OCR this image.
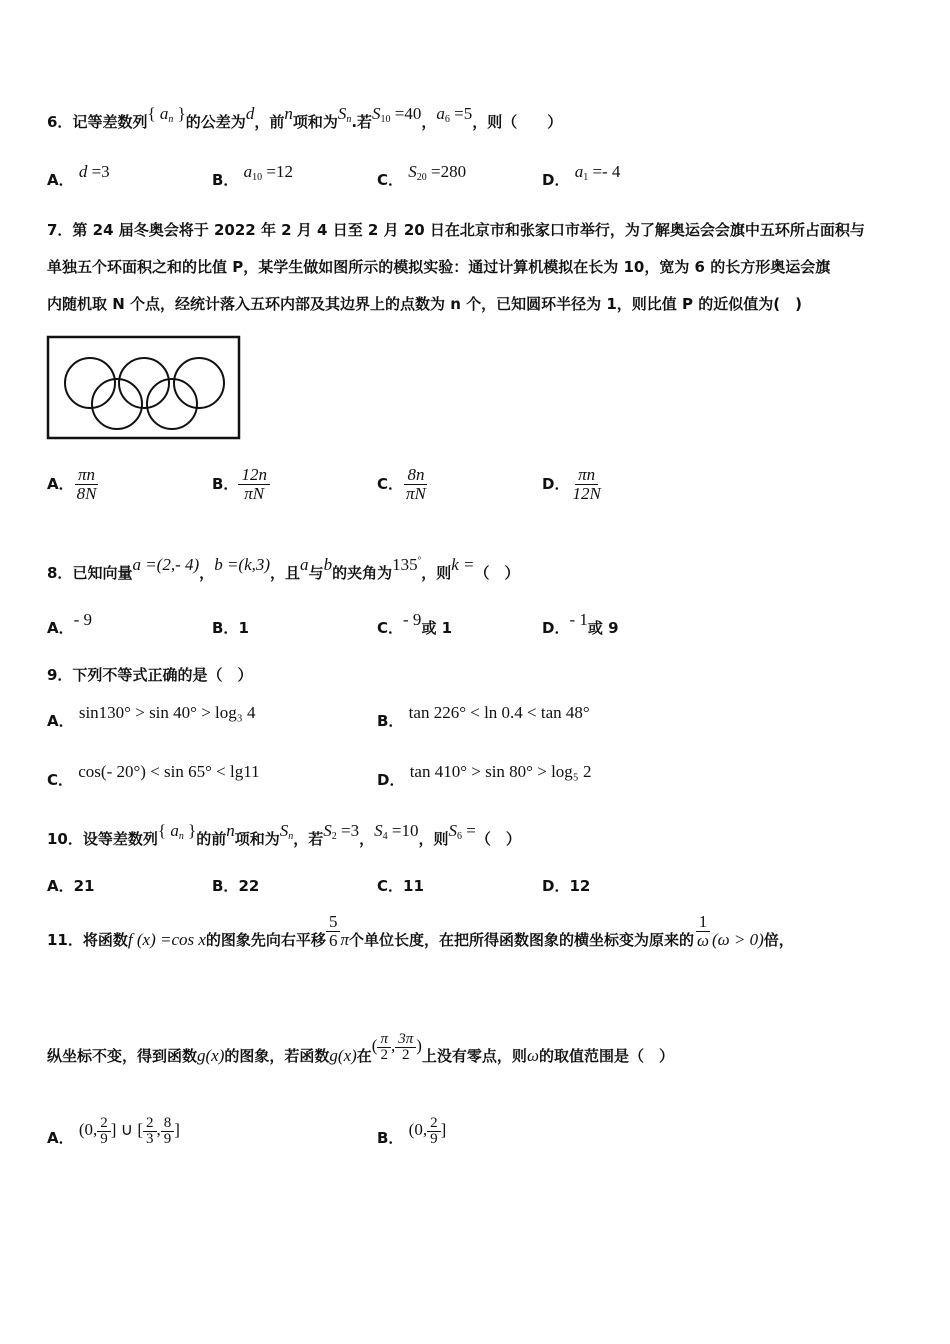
6．记等差数列{ $a_n$ }的公差为d，前n项和为$S_n$.若$S_{10} =40$，$a_6 =5$，则（　　）
A． d =3	B． $a_{10} =12$	C． $S_{20} =280$	D． $a_1 =- 4$
7．第 24 届冬奥会将于 2022 年 2 月 4 日至 2 月 20 日在北京市和张家口市举行，为了解奥运会会旗中五环所占面积与
单独五个环面积之和的比值 P，某学生做如图所示的模拟实验：通过计算机模拟在长为 10，宽为 6 的长方形奥运会旗
内随机取 N 个点，经统计落入五环内部及其边界上的点数为 n 个，已知圆环半径为 1，则比值 P 的近似值为(　)
A． $\frac{\pi n}{8N}$	B． $\frac{12n}{\pi N}$	C． $\frac{8n}{\pi N}$	D． $\frac{\pi n}{12N}$
8．已知向量a =(2,- 4)，b =(k,3)，且a与b的夹角为135°，则k =（　）
A．- 9	B．1	C．- 9或 1	D．- 1或 9
9．下列不等式正确的是（　）
A． sin130° > sin 40° > log₃ 4	B． tan 226° < ln 0.4 < tan 48°
C． cos(- 20°) < sin 65° < lg11	D． tan 410° > sin 80° > log₅ 2
10．设等差数列{ $a_n$ }的前n项和为$S_n$，若$S_2 =3$，$S_4 =10$，则$S_6$ =（　）
A．21	B．22	C．11	D．12
11．将函数f (x) =cos x的图象先向右平移 $\frac{5}{6}$ π个单位长度，在把所得函数图象的横坐标变为原来的 $\frac{1}{\omega} (\omega > 0)$倍，
纵坐标不变，得到函数g(x)的图象，若函数g(x)在( $\frac{\pi}{2}$ , $\frac{3\pi}{2}$ )上没有零点，则ω的取值范围是（　）
A． (0, $\frac{2}{9}$ ] ∪ [ $\frac{2}{3}$ , $\frac{8}{9}$ ]	B． (0, $\frac{2}{9}$ ]
